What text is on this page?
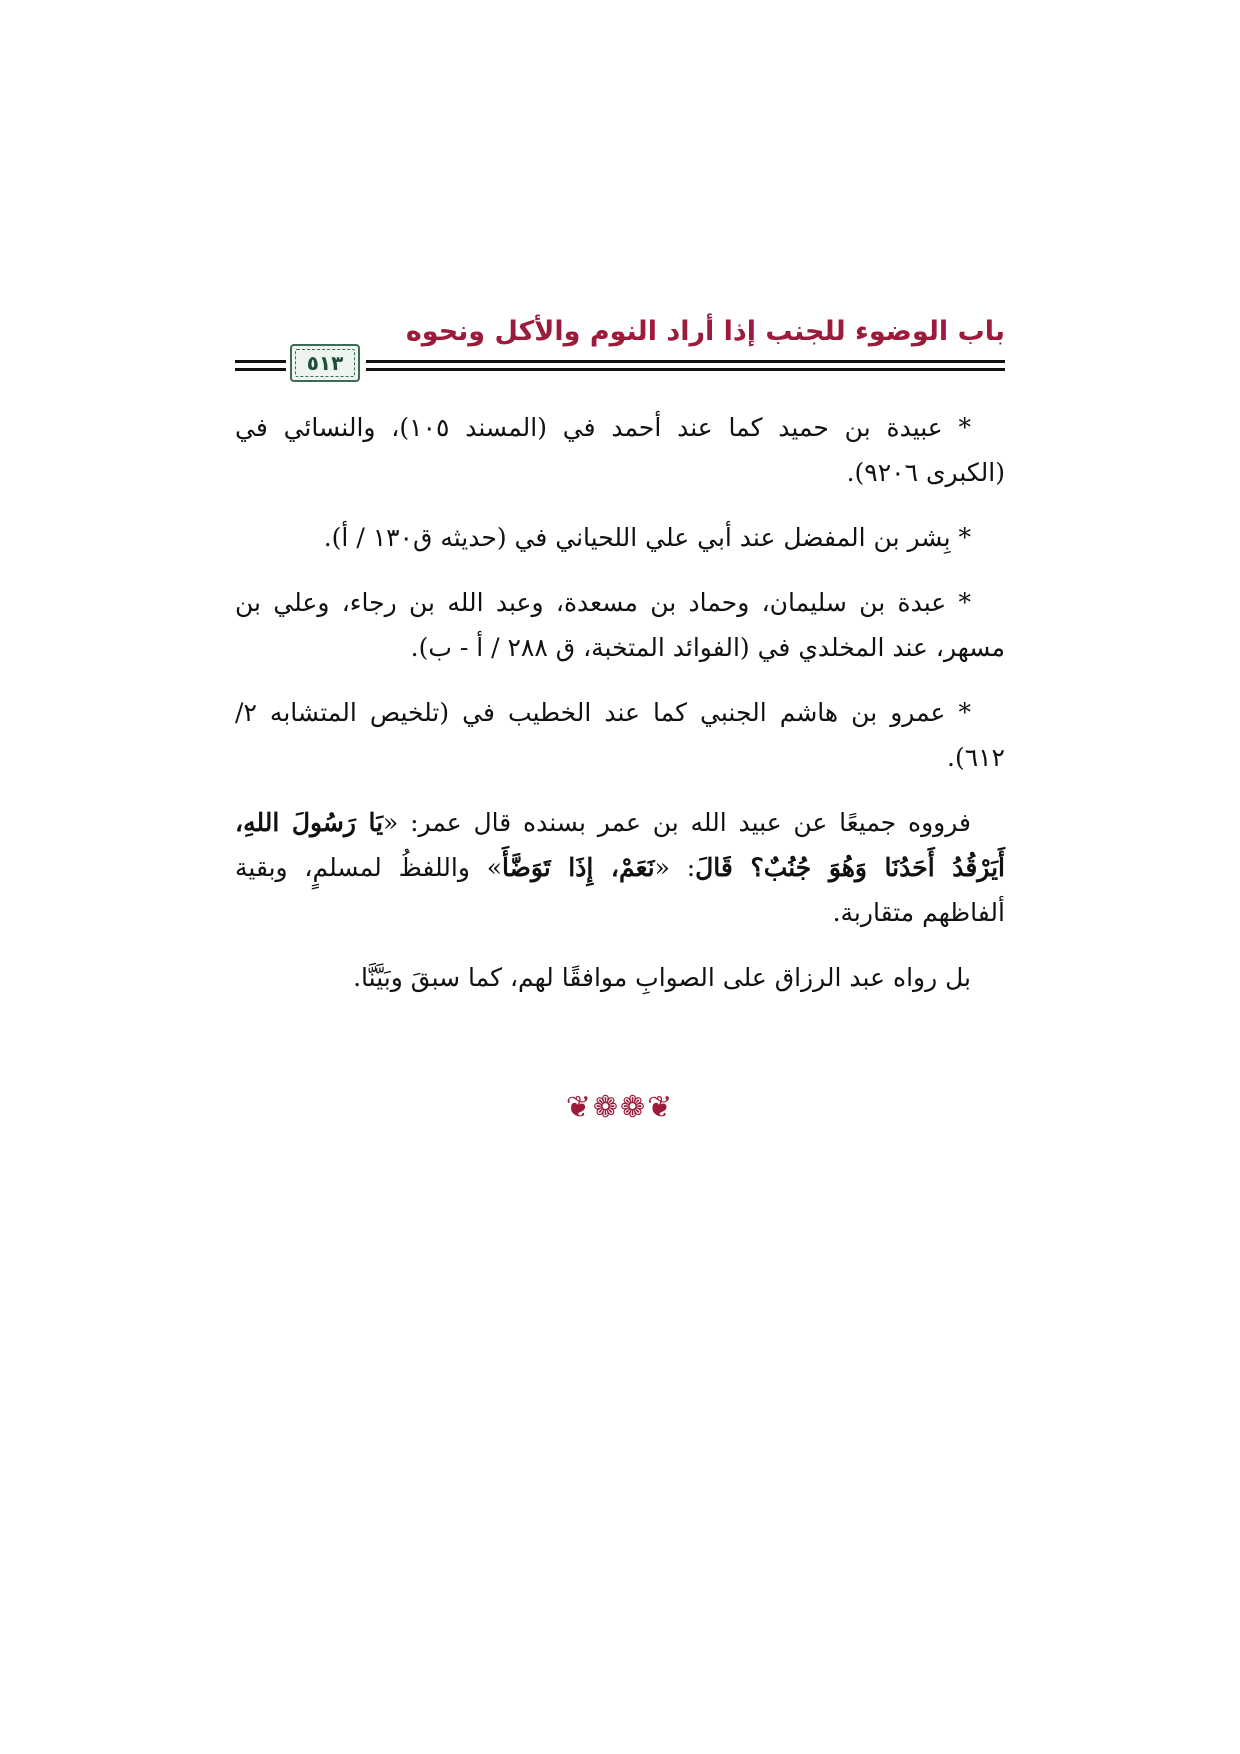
باب الوضوء للجنب إذا أراد النوم والأكل ونحوه
٥١٣

* عبيدة بن حميد كما عند أحمد في (المسند ١٠٥)، والنسائي في (الكبرى ٩٢٠٦).

* بِشر بن المفضل عند أبي علي اللحياني في (حديثه ق١٣٠ / أ).

* عبدة بن سليمان، وحماد بن مسعدة، وعبد الله بن رجاء، وعلي بن مسهر، عند المخلدي في (الفوائد المتخبة، ق ٢٨٨ / أ - ب).

* عمرو بن هاشم الجنبي كما عند الخطيب في (تلخيص المتشابه ٢/ ٦١٢).

فرووه جميعًا عن عبيد الله بن عمر بسنده قال عمر: «يَا رَسُولَ اللهِ، أَيَرْقُدُ أَحَدُنَا وَهُوَ جُنُبٌ؟ قَالَ: «نَعَمْ، إِذَا تَوَضَّأَ» واللفظُ لمسلمٍ، وبقية ألفاظهم متقاربة.

بل رواه عبد الرزاق على الصوابِ موافقًا لهم، كما سبقَ وبَيَّنَّا.

❦❁❁❦
